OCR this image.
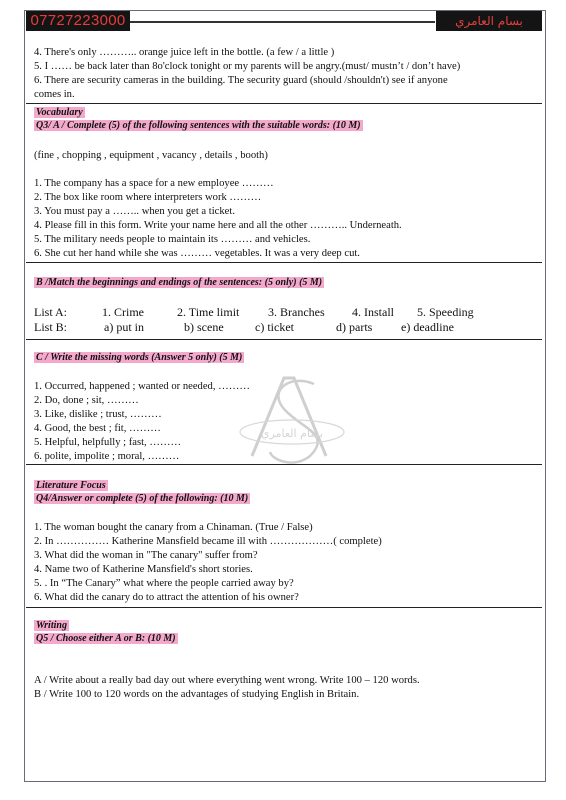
07727223000	بسام العامري
4. There's only ……….. orange juice left in the bottle. (a few / a little )
5. I …… be back later than 8o'clock tonight or my parents will be angry.(must/ mustn’t / don’t have)
6. There are security cameras in the building. The security guard (should /shouldn't) see if anyone
comes in.
Vocabulary
Q3/ A / Complete (5) of the following sentences with the suitable words: (10 M)
(fine , chopping , equipment , vacancy , details , booth)
1. The company has a space for a new employee ………
2. The box like room where interpreters work ………
3. You must pay a …….. when you get a ticket.
4. Please fill in this form. Write your name here and all the other ……….. Underneath.
5. The military needs people to maintain its ……… and vehicles.
6. She cut her hand while she was ……… vegetables. It was a very deep cut.
B /Match the beginnings and endings of the sentences: (5 only) (5 M)
List A:	1. Crime	2. Time limit 3. Branches 4. Install 5. Speeding
List B:	a) put in	b) scene	c) ticket	d) parts e) deadline
C / Write the missing words (Answer 5 only) (5 M)
1. Occurred, happened ; wanted or needed, ………
2. Do, done ; sit, ………
3. Like, dislike ; trust, ………
4. Good, the best ; fit, ………
5. Helpful, helpfully ; fast, ………
6. polite, impolite ; moral, ………
بسام العامري
Literature Focus
Q4/Answer or complete (5) of the following: (10 M)
1. The woman bought the canary from a Chinaman. (True / False)
2. In …………… Katherine Mansfield became ill with ………………( complete)
3. What did the woman in "The canary" suffer from?
4. Name two of Katherine Mansfield's short stories.
5. . In “The Canary” what where the people carried away by?
6. What did the canary do to attract the attention of his owner?
Writing
Q5 / Choose either A or B: (10 M)
A / Write about a really bad day out where everything went wrong. Write 100 – 120 words.
B / Write 100 to 120 words on the advantages of studying English in Britain.
